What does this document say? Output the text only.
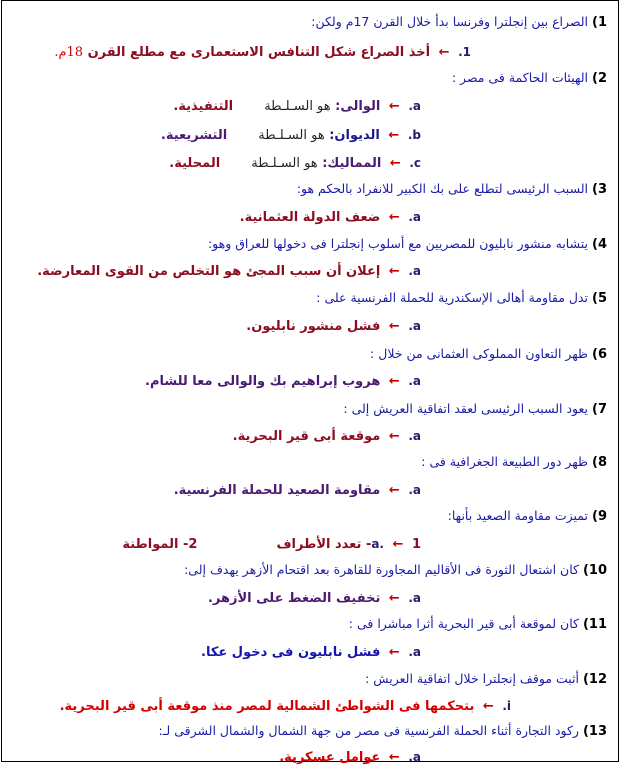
1) الصراع بين إنجلترا وفرنسا بدأ خلال القرن 17م ولكن:
1. ← أخذ الصراع شكل التنافس الاستعمارى مع مطلع القرن 18م.
2) الهيئات الحاكمة فى مصر :
a. ← الوالى: هو السـلـطة  التنفيذية.
b. ← الديوان: هو السـلـطة  التشريعية.
c. ← المماليك: هو السـلـطة  المحلية.
3) السبب الرئيسى لتطلع على بك الكبير للانفراد بالحكم هو:
a. ← ضعف الدولة العثمانية.
4) يتشابه منشور نابليون للمصريين مع أسلوب إنجلترا فى دخولها للعراق وهو:
a. ← إعلان أن سبب المجئ هو التخلص من القوى المعارضة.
5) تدل مقاومة أهالى الإسكندرية للحملة الفرنسية على :
a. ← فشل منشور نابليون.
6) ظهر التعاون المملوكى العثمانى من خلال :
a. ← هروب إبراهيم بك والوالى معا للشام.
7) يعود السبب الرئيسى لعقد اتفاقية العريش إلى :
a. ← موقعة أبى قير البحرية.
8) ظهر دور الطبيعة الجغرافية فى :
a. ← مقاومة الصعيد للحملة الفرنسية.
9) تميزت مقاومة الصعيد بأنها:
a. ← 1- تعدد الأطراف  2- المواطنة
10) كان اشتعال الثورة فى الأقاليم المجاورة للقاهرة بعد اقتحام الأزهر يهدف إلى:
a. ← تخفيف الضغط على الأزهر.
11) كان لموقعة أبى قير البحرية أثرا مباشرا فى :
a. ← فشل نابليون فى دخول عكا.
12) أثبت موقف إنجلترا خلال اتفاقية العريش :
i. ← بتحكمها فى الشواطئ الشمالية لمصر منذ موقعة أبى قير البحرية.
13) ركود التجارة أثناء الحملة الفرنسية فى مصر من جهة الشمال والشمال الشرقى لـ:
a. ← عوامل عسكرية.
